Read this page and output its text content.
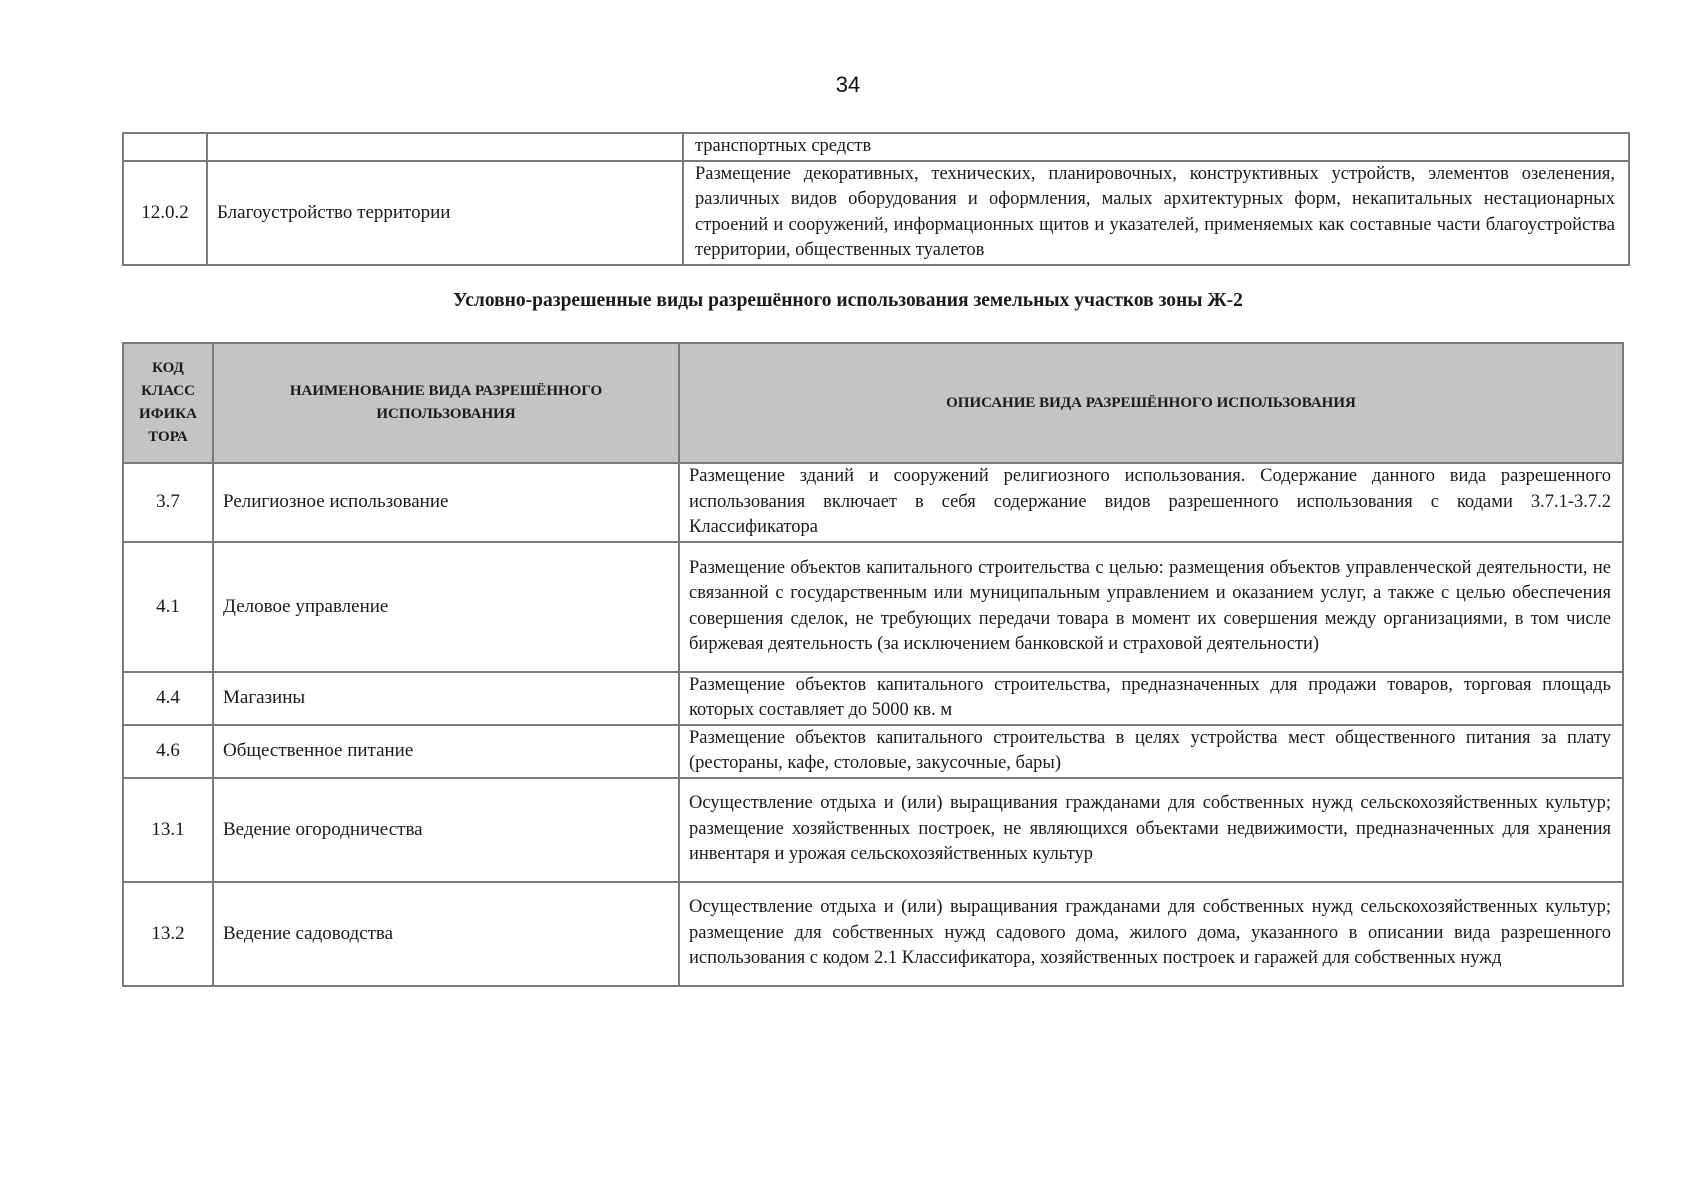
34
		транспортных средств
12.0.2	Благоустройство территории	Размещение декоративных, технических, планировочных, конструктивных устройств, элементов озеленения, различных видов оборудования и оформления, малых архитектурных форм, некапитальных нестационарных строений и сооружений, информационных щитов и указателей, применяемых как составные части благоустройства территории, общественных туалетов
Условно-разрешенные виды разрешённого использования земельных участков зоны Ж-2
КОД КЛАСС ИФИКА ТОРА	НАИМЕНОВАНИЕ ВИДА РАЗРЕШЁННОГО ИСПОЛЬЗОВАНИЯ	ОПИСАНИЕ ВИДА РАЗРЕШЁННОГО ИСПОЛЬЗОВАНИЯ
3.7	Религиозное использование	Размещение зданий и сооружений религиозного использования. Содержание данного вида разрешенного использования включает в себя содержание видов разрешенного использования с кодами 3.7.1-3.7.2 Классификатора
4.1	Деловое управление	Размещение объектов капитального строительства с целью: размещения объектов управленческой деятельности, не связанной с государственным или муниципальным управлением и оказанием услуг, а также с целью обеспечения совершения сделок, не требующих передачи товара в момент их совершения между организациями, в том числе биржевая деятельность (за исключением банковской и страховой деятельности)
4.4	Магазины	Размещение объектов капитального строительства, предназначенных для продажи товаров, торговая площадь которых составляет до 5000 кв. м
4.6	Общественное питание	Размещение объектов капитального строительства в целях устройства мест общественного питания за плату (рестораны, кафе, столовые, закусочные, бары)
13.1	Ведение огородничества	Осуществление отдыха и (или) выращивания гражданами для собственных нужд сельскохозяйственных культур; размещение хозяйственных построек, не являющихся объектами недвижимости, предназначенных для хранения инвентаря и урожая сельскохозяйственных культур
13.2	Ведение садоводства	Осуществление отдыха и (или) выращивания гражданами для собственных нужд сельскохозяйственных культур; размещение для собственных нужд садового дома, жилого дома, указанного в описании вида разрешенного использования с кодом 2.1 Классификатора, хозяйственных построек и гаражей для собственных нужд
